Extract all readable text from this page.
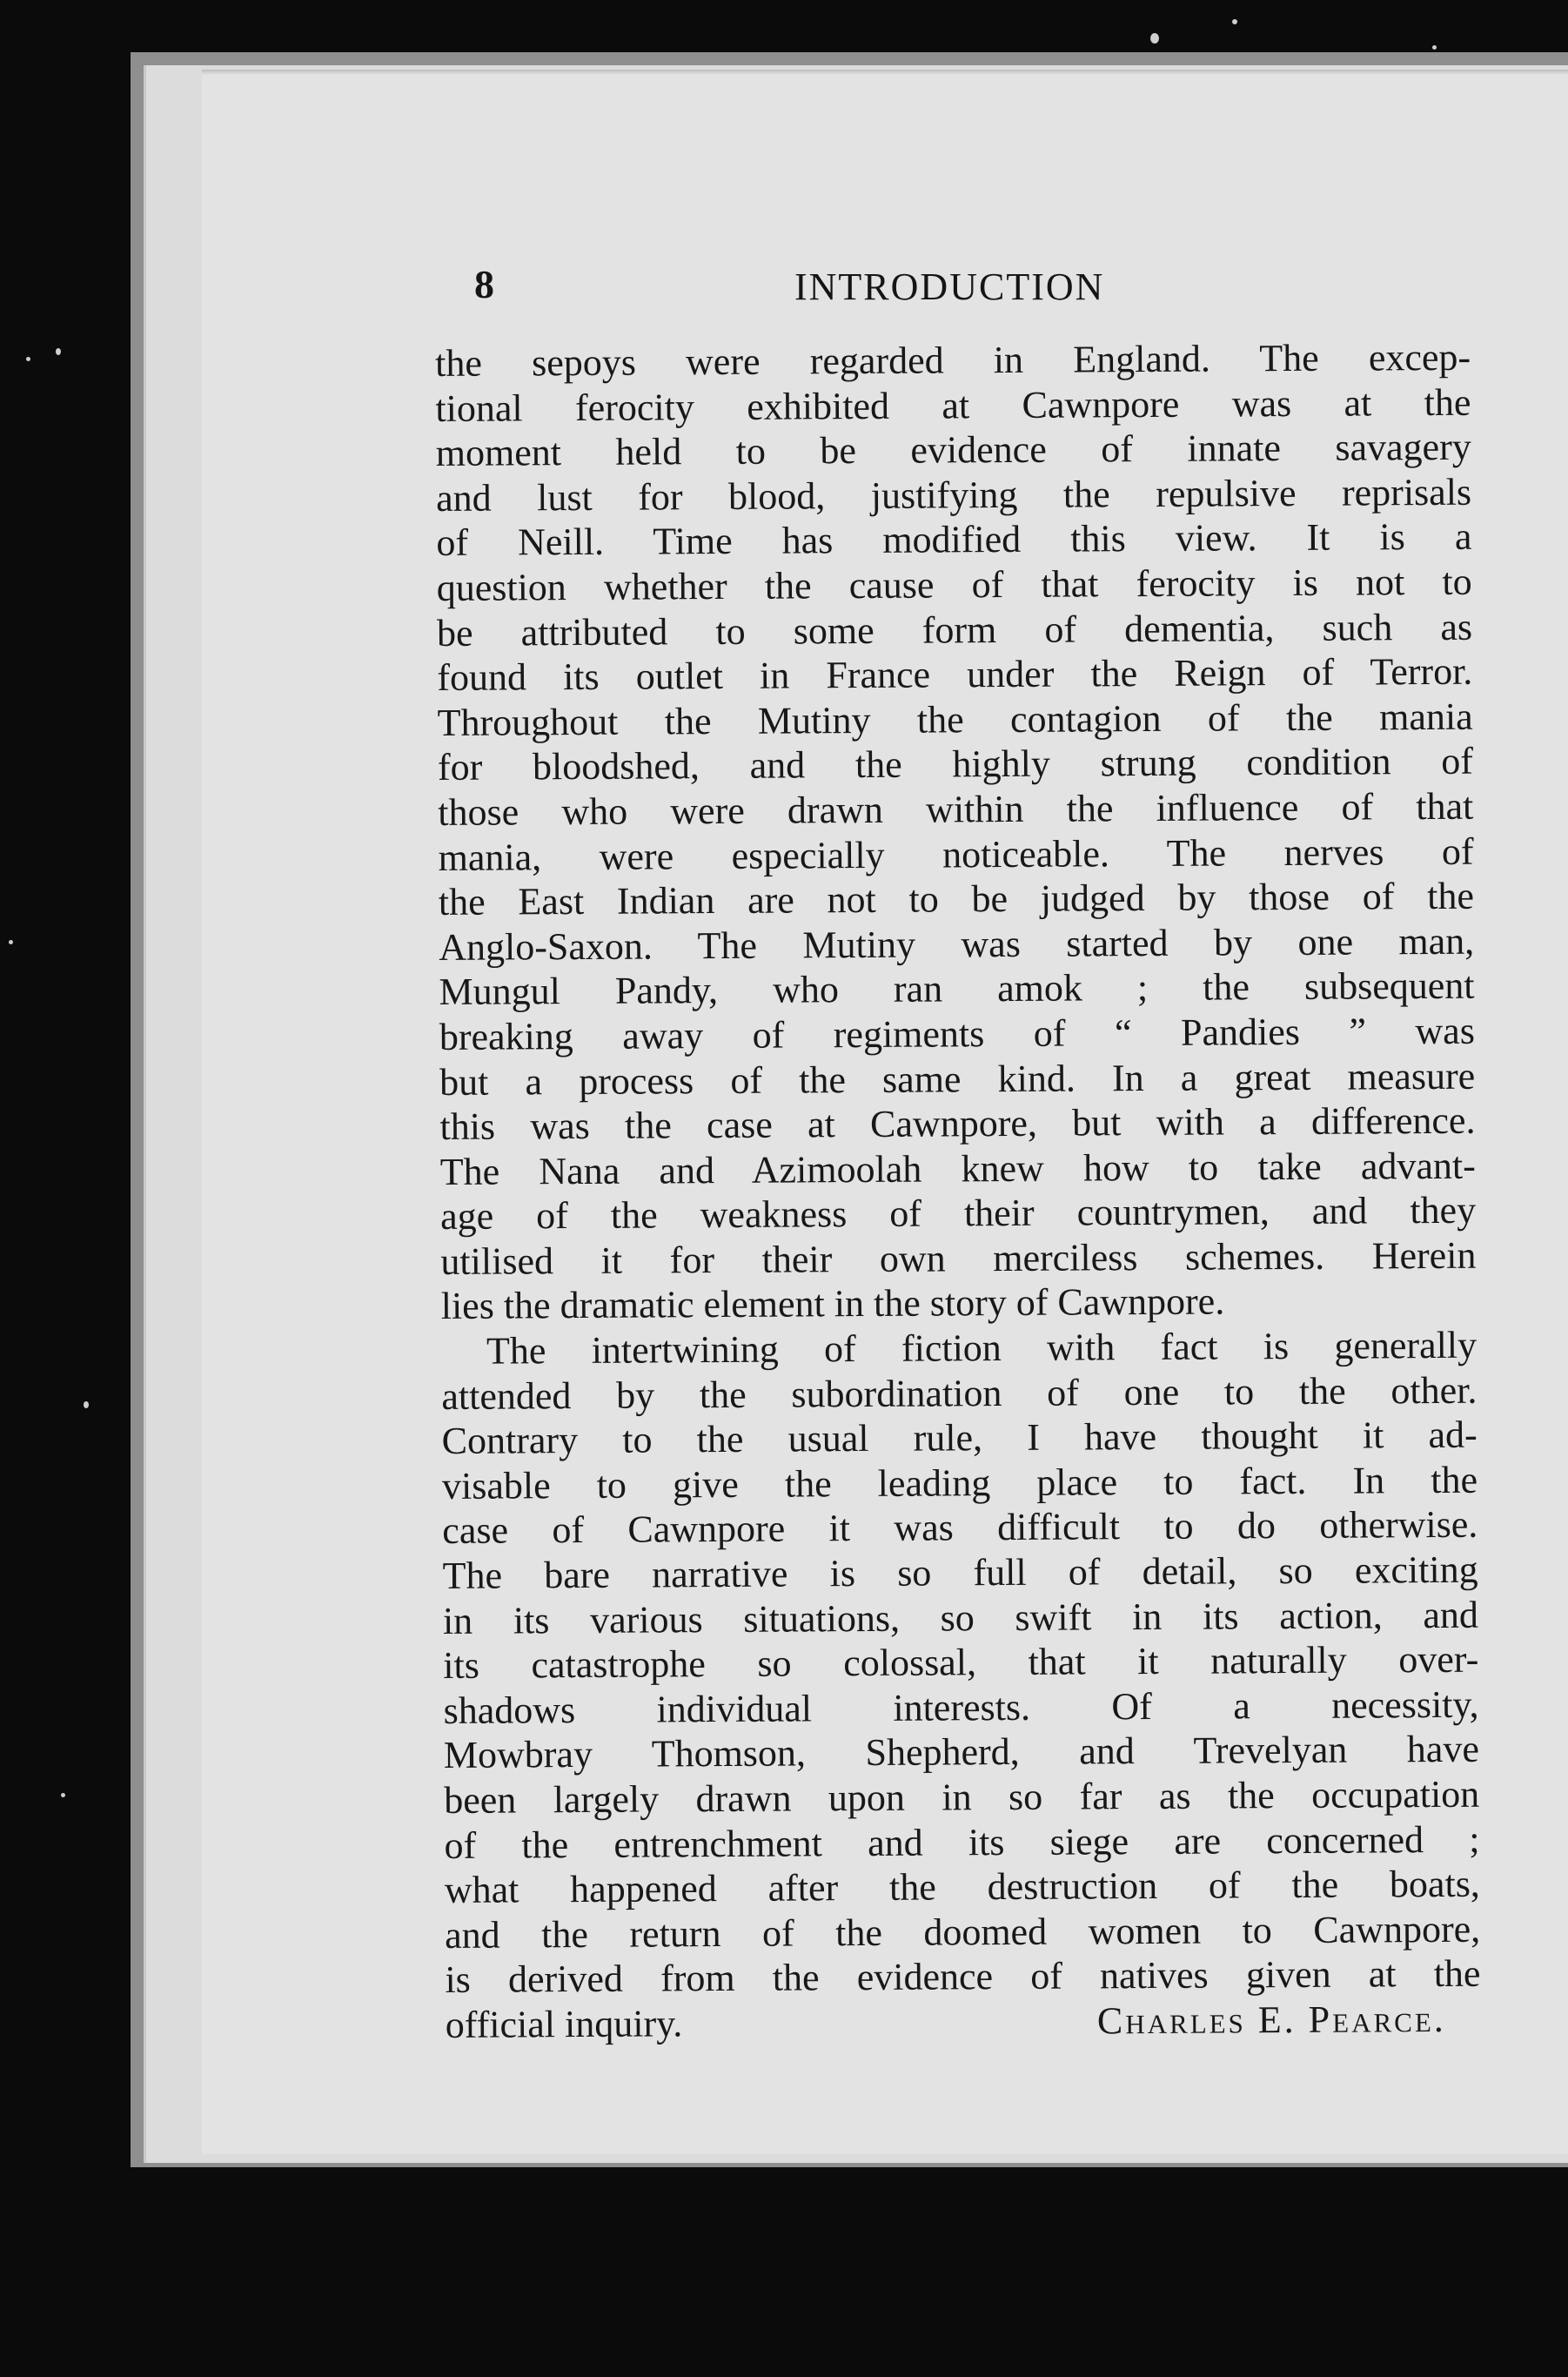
8	INTRODUCTION
the sepoys were regarded in England. The excep-
tional ferocity exhibited at Cawnpore was at the
moment held to be evidence of innate savagery
and lust for blood, justifying the repulsive reprisals
of Neill. Time has modified this view. It is a
question whether the cause of that ferocity is not to
be attributed to some form of dementia, such as
found its outlet in France under the Reign of Terror.
Throughout the Mutiny the contagion of the mania
for bloodshed, and the highly strung condition of
those who were drawn within the influence of that
mania, were especially noticeable. The nerves of
the East Indian are not to be judged by those of the
Anglo-Saxon. The Mutiny was started by one man,
Mungul Pandy, who ran amok ; the subsequent
breaking away of regiments of “ Pandies ” was
but a process of the same kind. In a great measure
this was the case at Cawnpore, but with a difference.
The Nana and Azimoolah knew how to take advant-
age of the weakness of their countrymen, and they
utilised it for their own merciless schemes. Herein
lies the dramatic element in the story of Cawnpore.
The intertwining of fiction with fact is generally
attended by the subordination of one to the other.
Contrary to the usual rule, I have thought it ad-
visable to give the leading place to fact. In the
case of Cawnpore it was difficult to do otherwise.
The bare narrative is so full of detail, so exciting
in its various situations, so swift in its action, and
its catastrophe so colossal, that it naturally over-
shadows individual interests. Of a necessity,
Mowbray Thomson, Shepherd, and Trevelyan have
been largely drawn upon in so far as the occupation
of the entrenchment and its siege are concerned ;
what happened after the destruction of the boats,
and the return of the doomed women to Cawnpore,
is derived from the evidence of natives given at the
official inquiry.	Charles E. Pearce.
